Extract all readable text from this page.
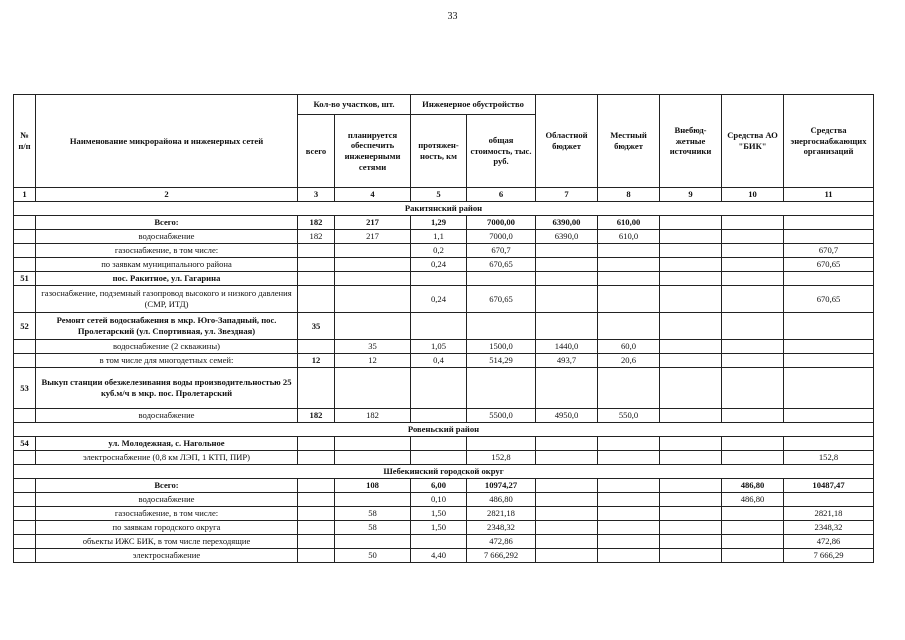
33
№ п/п	Наименование микрорайона и инженерных сетей	Кол-во участков, шт.		Инженерное обустройство		Областной бюджет	Местный бюджет	Внебюд-жетные источники	Средства АО "БИК"	Средства энергоснабжающих организаций
		всего	планируется обеспечить инженерными сетями	протяжен-ность, км	общая стоимость, тыс. руб.					
1	2	3	4	5	6	7	8	9	10	11
Ракитянский район										
	Всего:	182	217	1,29	7000,00	6390,00	610,00			
	водоснабжение	182	217	1,1	7000,0	6390,0	610,0			
	газоснабжение, в том числе:			0,2	670,7					670,7
	по заявкам муниципального района			0,24	670,65					670,65
51	пос. Ракитное, ул. Гагарина									
	газоснабжение, подземный газопровод высокого и низкого давления (СМР, ИТД)			0,24	670,65					670,65
52	Ремонт сетей водоснабжения в мкр. Юго-Западный, пос. Пролетарский (ул. Спортивная, ул. Звездная)	35								
	водоснабжение (2 скважины)		35	1,05	1500,0	1440,0	60,0			
	в том числе для многодетных семей:	12	12	0,4	514,29	493,7	20,6			
53	Выкуп станции обезжелезивания воды производительностью 25 куб.м/ч в мкр. пос. Пролетарский									
	водоснабжение	182	182		5500,0	4950,0	550,0			
Ровеньский район										
54	ул. Молодежная, с. Нагольное									
	электроснабжение (0,8 км ЛЭП, 1 КТП, ПИР)				152,8					152,8
Шебекинский городской округ										
	Всего:		108	6,00	10974,27				486,80	10487,47
	водоснабжение			0,10	486,80				486,80	
	газоснабжение, в том числе:		58	1,50	2821,18					2821,18
	по заявкам городского округа		58	1,50	2348,32					2348,32
	объекты ИЖС БИК, в том числе переходящие				472,86					472,86
	электроснабжение		50	4,40	7 666,292					7 666,29
